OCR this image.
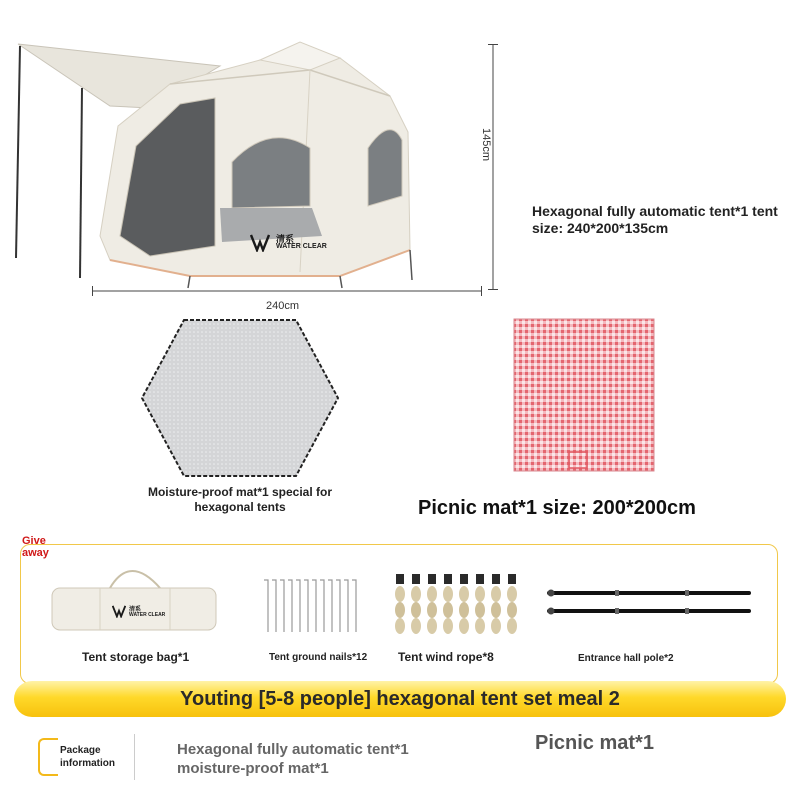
清系
WATER CLEAR
145cm
240cm
Hexagonal fully automatic tent*1 tent size: 240*200*135cm
Moisture-proof mat*1 special for hexagonal tents	Picnic mat*1 size: 200*200cm
Give away
清系
WATER CLEAR
Tent storage bag*1	Tent ground nails*12	Tent wind rope*8	Entrance hall pole*2
Youting [5-8 people] hexagonal tent set meal 2
Package information
Hexagonal fully automatic tent*1 moisture-proof mat*1
Picnic mat*1
